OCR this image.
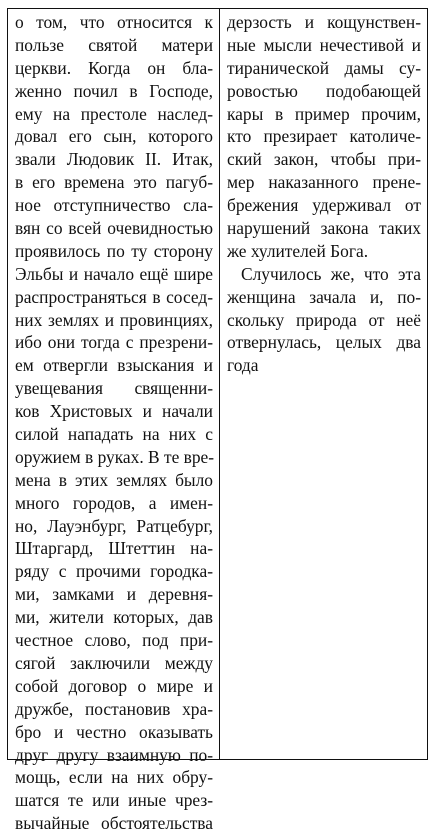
о том, что относится к
пользе святой матери
церкви. Когда он бла-
женно почил в Господе,
ему на престоле наслед-
довал его сын, которого
звали Людовик II. Итак,
в его времена это пагуб-
ное отступничество сла-
вян со всей очевидностью
проявилось по ту сторону
Эльбы и начало ещё шире
распространяться в сосед-
них землях и провинциях,
ибо они тогда с презрени-
ем отвергли взыскания и
увещевания священни-
ков Христовых и начали
силой нападать на них с
оружием в руках. В те вре-
мена в этих землях было
много городов, а имен-
но, Лауэнбург, Ратцебург,
Штаргард, Штеттин на-
ряду с прочими городка-
ми, замками и деревня-
ми, жители которых, дав
честное слово, под при-
сягой заключили между
собой договор о мире и
дружбе, постановив хра-
бро и честно оказывать
друг другу взаимную по-
мощь, если на них обру-
шатся те или иные чрез-
вычайные обстоятельства
дерзость и кощунствен-
ные мысли нечестивой и
тиранической дамы су-
ровостью подобающей
кары в пример прочим,
кто презирает католиче-
ский закон, чтобы при-
мер наказанного прене-
брежения удерживал от
нарушений закона таких
же хулителей Бога.
Случилось же, что эта
женщина зачала и, по-
скольку природа от неё
отвернулась, целых два
года
